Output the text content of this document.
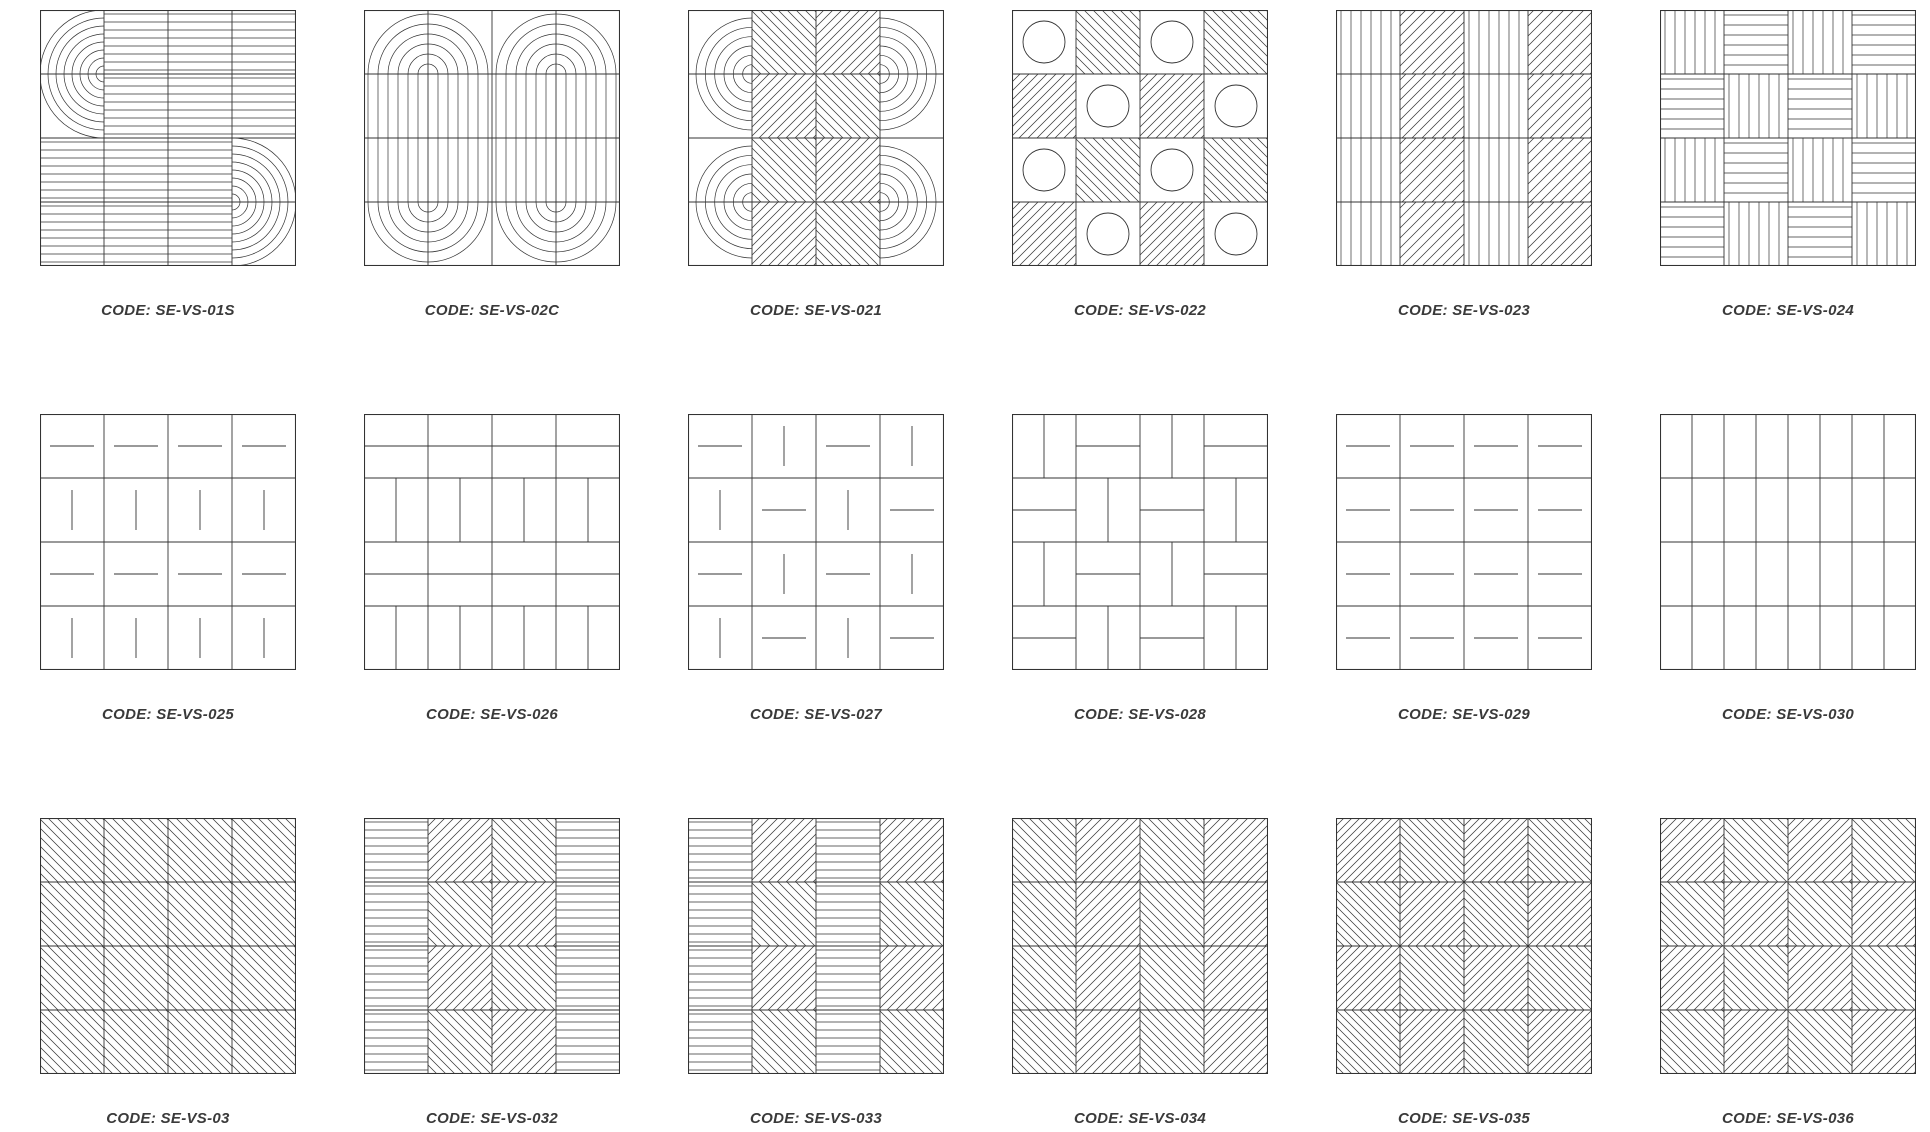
CODE: SE-VS-01S	CODE: SE-VS-02C	CODE: SE-VS-021	CODE: SE-VS-022	CODE: SE-VS-023	CODE: SE-VS-024
CODE: SE-VS-025	CODE: SE-VS-026	CODE: SE-VS-027	CODE: SE-VS-028	CODE: SE-VS-029	CODE: SE-VS-030
CODE: SE-VS-03	CODE: SE-VS-032	CODE: SE-VS-033	CODE: SE-VS-034	CODE: SE-VS-035	CODE: SE-VS-036
